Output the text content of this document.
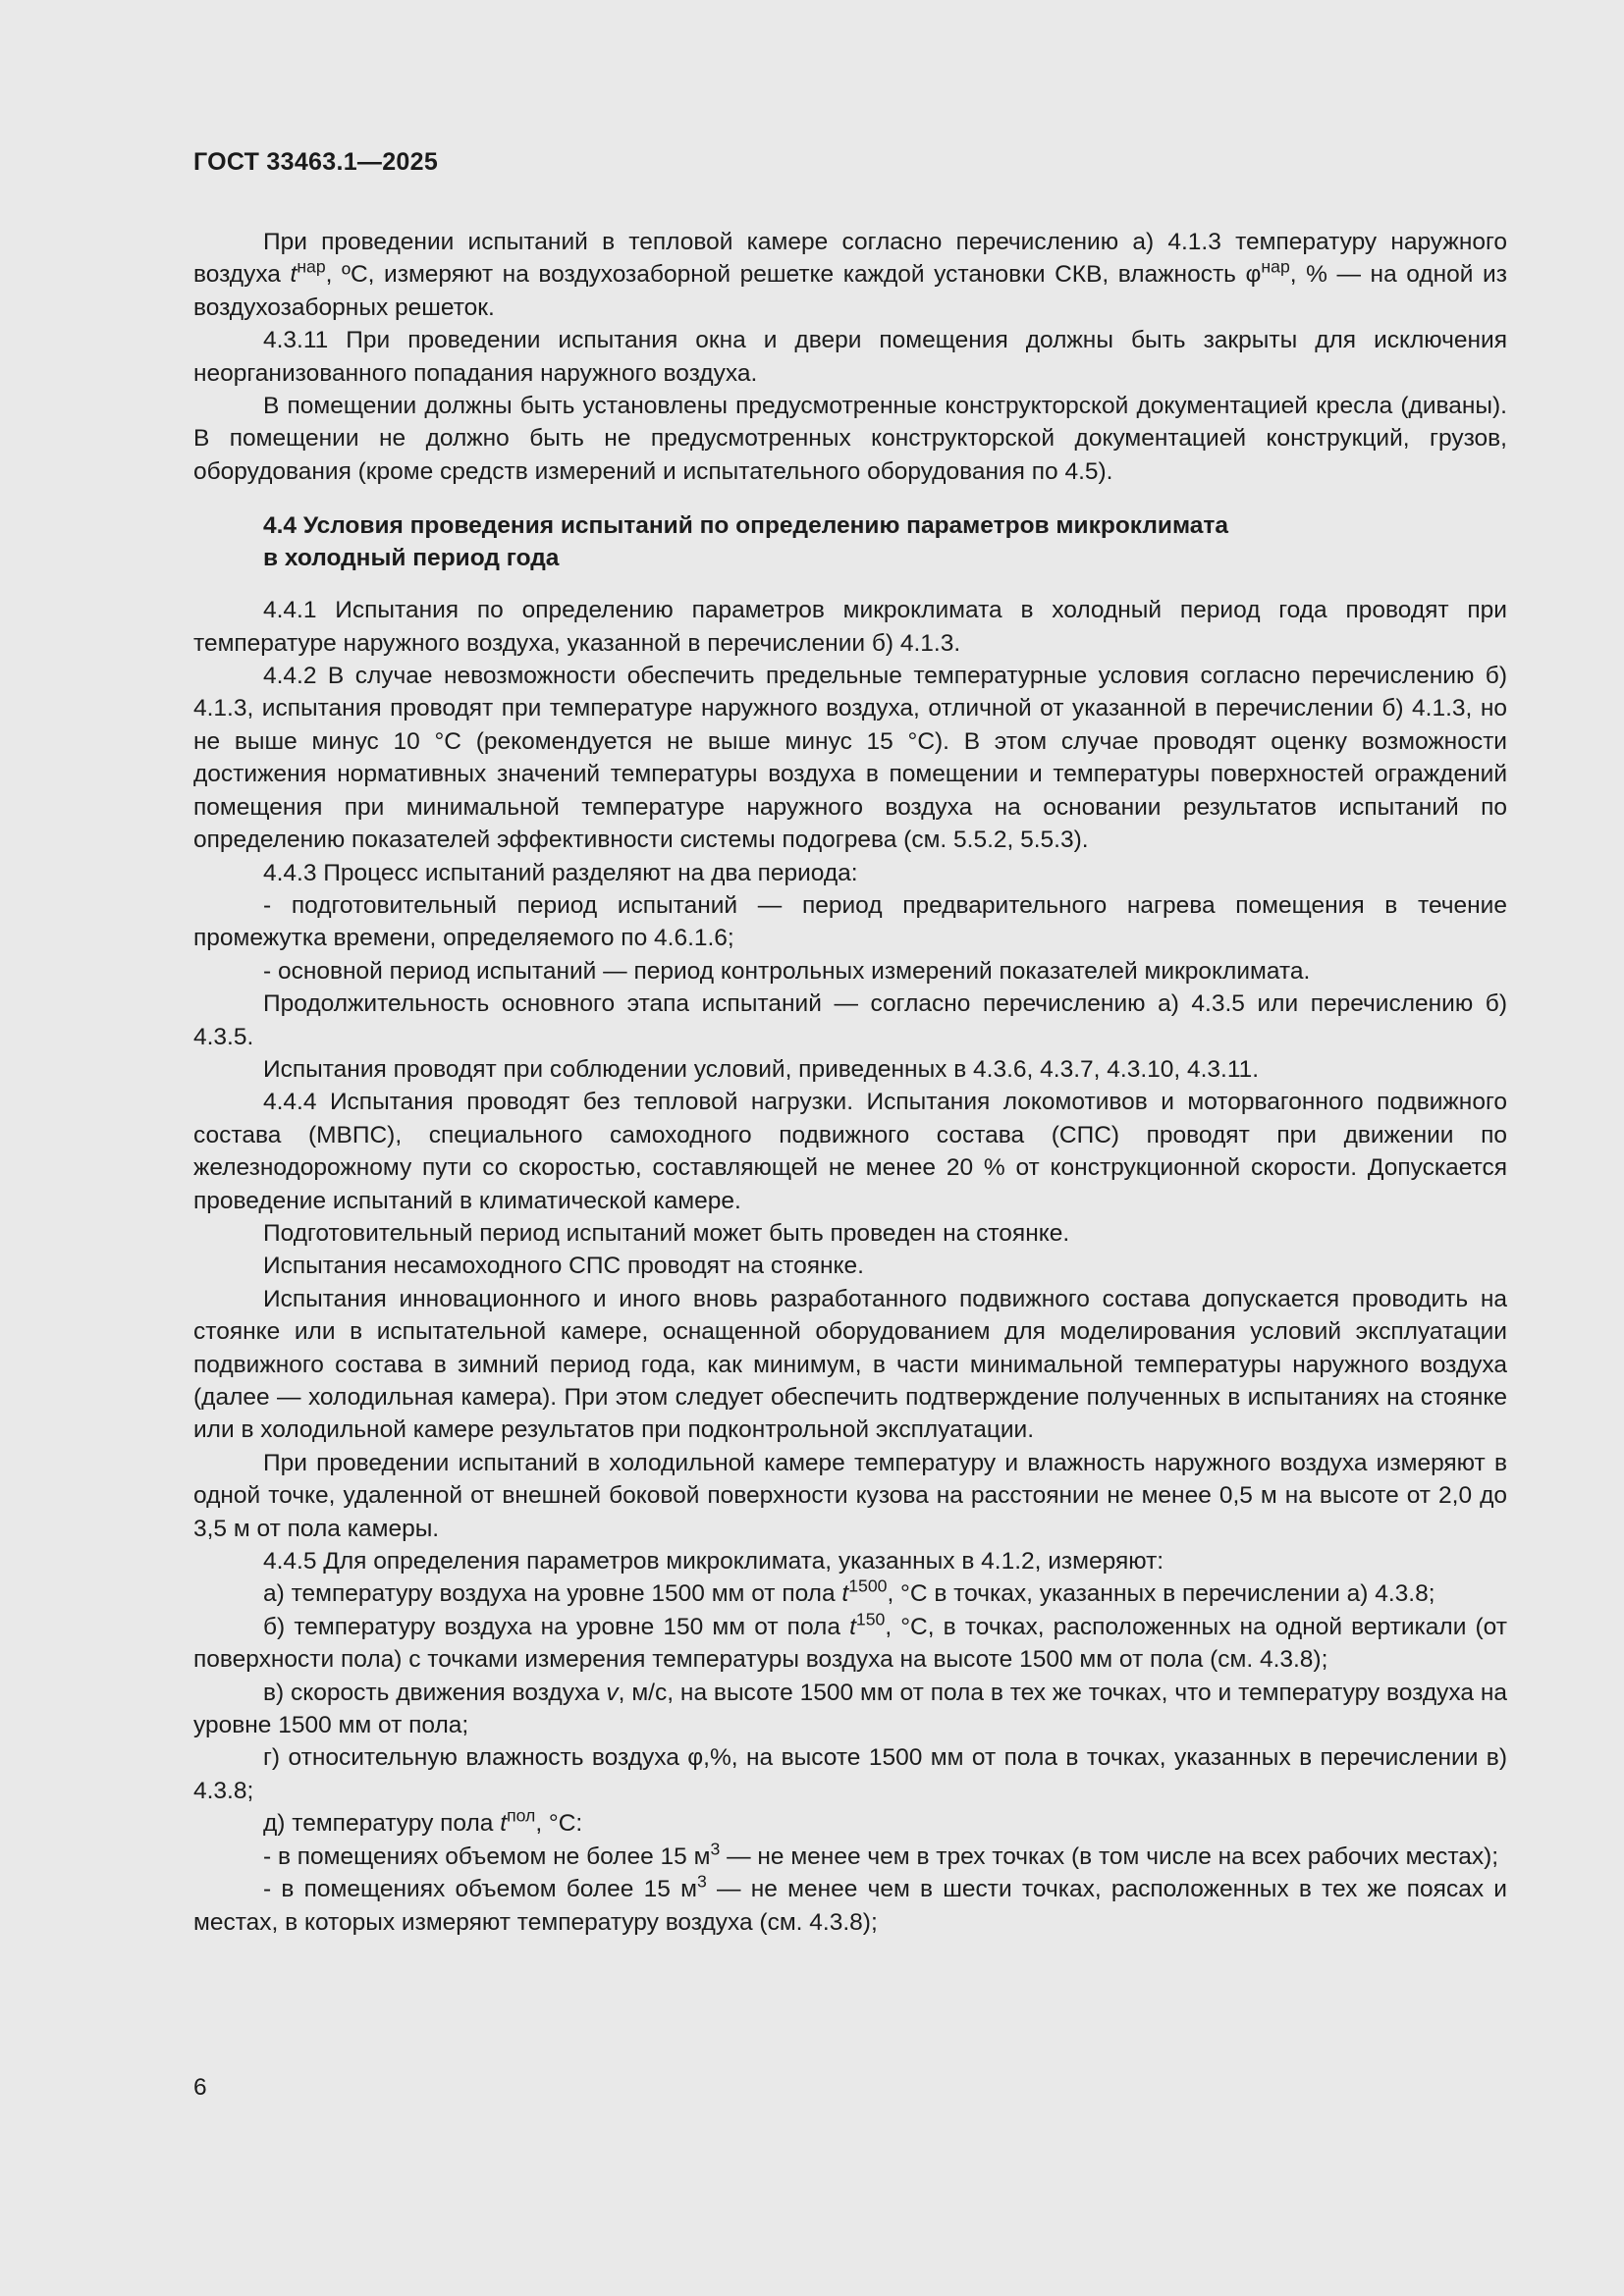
ГОСТ 33463.1—2025

При проведении испытаний в тепловой камере согласно перечислению а) 4.1.3 температуру наружного воздуха $t^{нар}$, ºС, измеряют на воздухозаборной решетке каждой установки СКВ, влажность $\varphi^{нар}$, % — на одной из воздухозаборных решеток.

4.3.11 При проведении испытания окна и двери помещения должны быть закрыты для исключения неорганизованного попадания наружного воздуха.

В помещении должны быть установлены предусмотренные конструкторской документацией кресла (диваны). В помещении не должно быть не предусмотренных конструкторской документацией конструкций, грузов, оборудования (кроме средств измерений и испытательного оборудования по 4.5).

4.4 Условия проведения испытаний по определению параметров микроклимата
в холодный период года

4.4.1 Испытания по определению параметров микроклимата в холодный период года проводят при температуре наружного воздуха, указанной в перечислении б) 4.1.3.

4.4.2 В случае невозможности обеспечить предельные температурные условия согласно перечислению б) 4.1.3, испытания проводят при температуре наружного воздуха, отличной от указанной в перечислении б) 4.1.3, но не выше минус 10 °С (рекомендуется не выше минус 15 °С). В этом случае проводят оценку возможности достижения нормативных значений температуры воздуха в помещении и температуры поверхностей ограждений помещения при минимальной температуре наружного воздуха на основании результатов испытаний по определению показателей эффективности системы подогрева (см. 5.5.2, 5.5.3).

4.4.3 Процесс испытаний разделяют на два периода:

- подготовительный период испытаний — период предварительного нагрева помещения в течение промежутка времени, определяемого по 4.6.1.6;

- основной период испытаний — период контрольных измерений показателей микроклимата.

Продолжительность основного этапа испытаний — согласно перечислению а) 4.3.5 или перечислению б) 4.3.5.

Испытания проводят при соблюдении условий, приведенных в 4.3.6, 4.3.7, 4.3.10, 4.3.11.

4.4.4 Испытания проводят без тепловой нагрузки. Испытания локомотивов и моторвагонного подвижного состава (МВПС), специального самоходного подвижного состава (СПС) проводят при движении по железнодорожному пути со скоростью, составляющей не менее 20 % от конструкционной скорости. Допускается проведение испытаний в климатической камере.

Подготовительный период испытаний может быть проведен на стоянке.

Испытания несамоходного СПС проводят на стоянке.

Испытания инновационного и иного вновь разработанного подвижного состава допускается проводить на стоянке или в испытательной камере, оснащенной оборудованием для моделирования условий эксплуатации подвижного состава в зимний период года, как минимум, в части минимальной температуры наружного воздуха (далее — холодильная камера). При этом следует обеспечить подтверждение полученных в испытаниях на стоянке или в холодильной камере результатов при подконтрольной эксплуатации.

При проведении испытаний в холодильной камере температуру и влажность наружного воздуха измеряют в одной точке, удаленной от внешней боковой поверхности кузова на расстоянии не менее 0,5 м на высоте от 2,0 до 3,5 м от пола камеры.

4.4.5 Для определения параметров микроклимата, указанных в 4.1.2, измеряют:

а) температуру воздуха на уровне 1500 мм от пола $t^{1500}$, °С в точках, указанных в перечислении а) 4.3.8;

б) температуру воздуха на уровне 150 мм от пола $t^{150}$, °С, в точках, расположенных на одной вертикали (от поверхности пола) с точками измерения температуры воздуха на высоте 1500 мм от пола (см. 4.3.8);

в) скорость движения воздуха v, м/с, на высоте 1500 мм от пола в тех же точках, что и температуру воздуха на уровне 1500 мм от пола;

г) относительную влажность воздуха φ,%, на высоте 1500 мм от пола в точках, указанных в перечислении в) 4.3.8;

д) температуру пола $t^{пол}$, °С:

- в помещениях объемом не более 15 $м^3$ — не менее чем в трех точках (в том числе на всех рабочих местах);

- в помещениях объемом более 15 $м^3$ — не менее чем в шести точках, расположенных в тех же поясах и местах, в которых измеряют температуру воздуха (см. 4.3.8);

6
